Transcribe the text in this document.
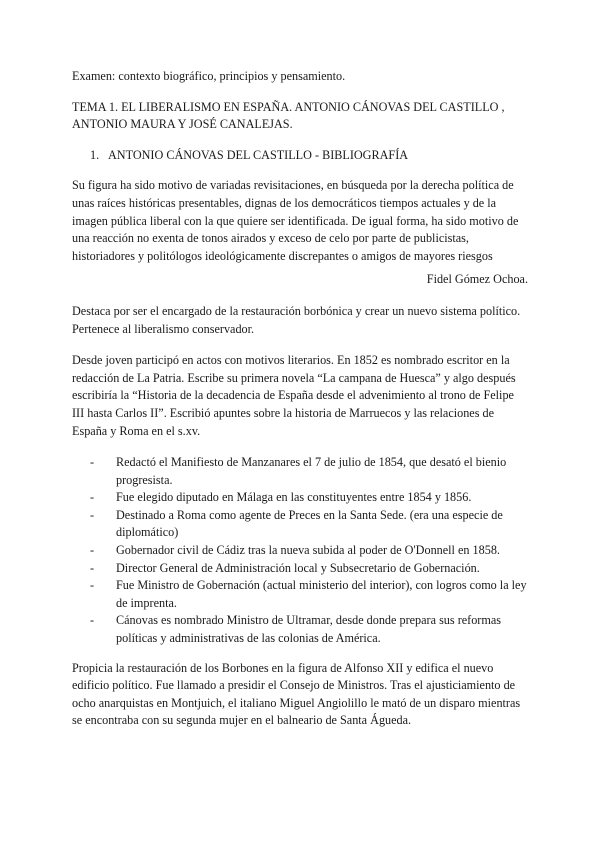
Examen: contexto biográfico, principios y pensamiento.

TEMA 1. EL LIBERALISMO EN ESPAÑA. ANTONIO CÁNOVAS DEL CASTILLO , ANTONIO MAURA Y JOSÉ CANALEJAS.

1. ANTONIO CÁNOVAS DEL CASTILLO - BIBLIOGRAFÍA

Su figura ha sido motivo de variadas revisitaciones, en búsqueda por la derecha política de unas raíces históricas presentables, dignas de los democráticos tiempos actuales y de la imagen pública liberal con la que quiere ser identificada. De igual forma, ha sido motivo de una reacción no exenta de tonos airados y exceso de celo por parte de publicistas, historiadores y politólogos ideológicamente discrepantes o amigos de mayores riesgos

Fidel Gómez Ochoa.

Destaca por ser el encargado de la restauración borbónica y crear un nuevo sistema político. Pertenece al liberalismo conservador.

Desde joven participó en actos con motivos literarios. En 1852 es nombrado escritor en la redacción de La Patria. Escribe su primera novela “La campana de Huesca” y algo después escribiría la “Historia de la decadencia de España desde el advenimiento al trono de Felipe III hasta Carlos II”. Escribió apuntes sobre la historia de Marruecos y las relaciones de España y Roma en el s.xv.

-	Redactó el Manifiesto de Manzanares el 7 de julio de 1854, que desató el bienio progresista.
-	Fue elegido diputado en Málaga en las constituyentes entre 1854 y 1856.
-	Destinado a Roma como agente de Preces en la Santa Sede. (era una especie de diplomático)
-	Gobernador civil de Cádiz tras la nueva subida al poder de O'Donnell en 1858.
-	Director General de Administración local y Subsecretario de Gobernación.
-	Fue Ministro de Gobernación (actual ministerio del interior), con logros como la ley de imprenta.
-	Cánovas es nombrado Ministro de Ultramar, desde donde prepara sus reformas políticas y administrativas de las colonias de América.

Propicia la restauración de los Borbones en la figura de Alfonso XII y edifica el nuevo edificio político. Fue llamado a presidir el Consejo de Ministros. Tras el ajusticiamiento de ocho anarquistas en Montjuich, el italiano Miguel Angiolillo le mató de un disparo mientras se encontraba con su segunda mujer en el balneario de Santa Águeda.
